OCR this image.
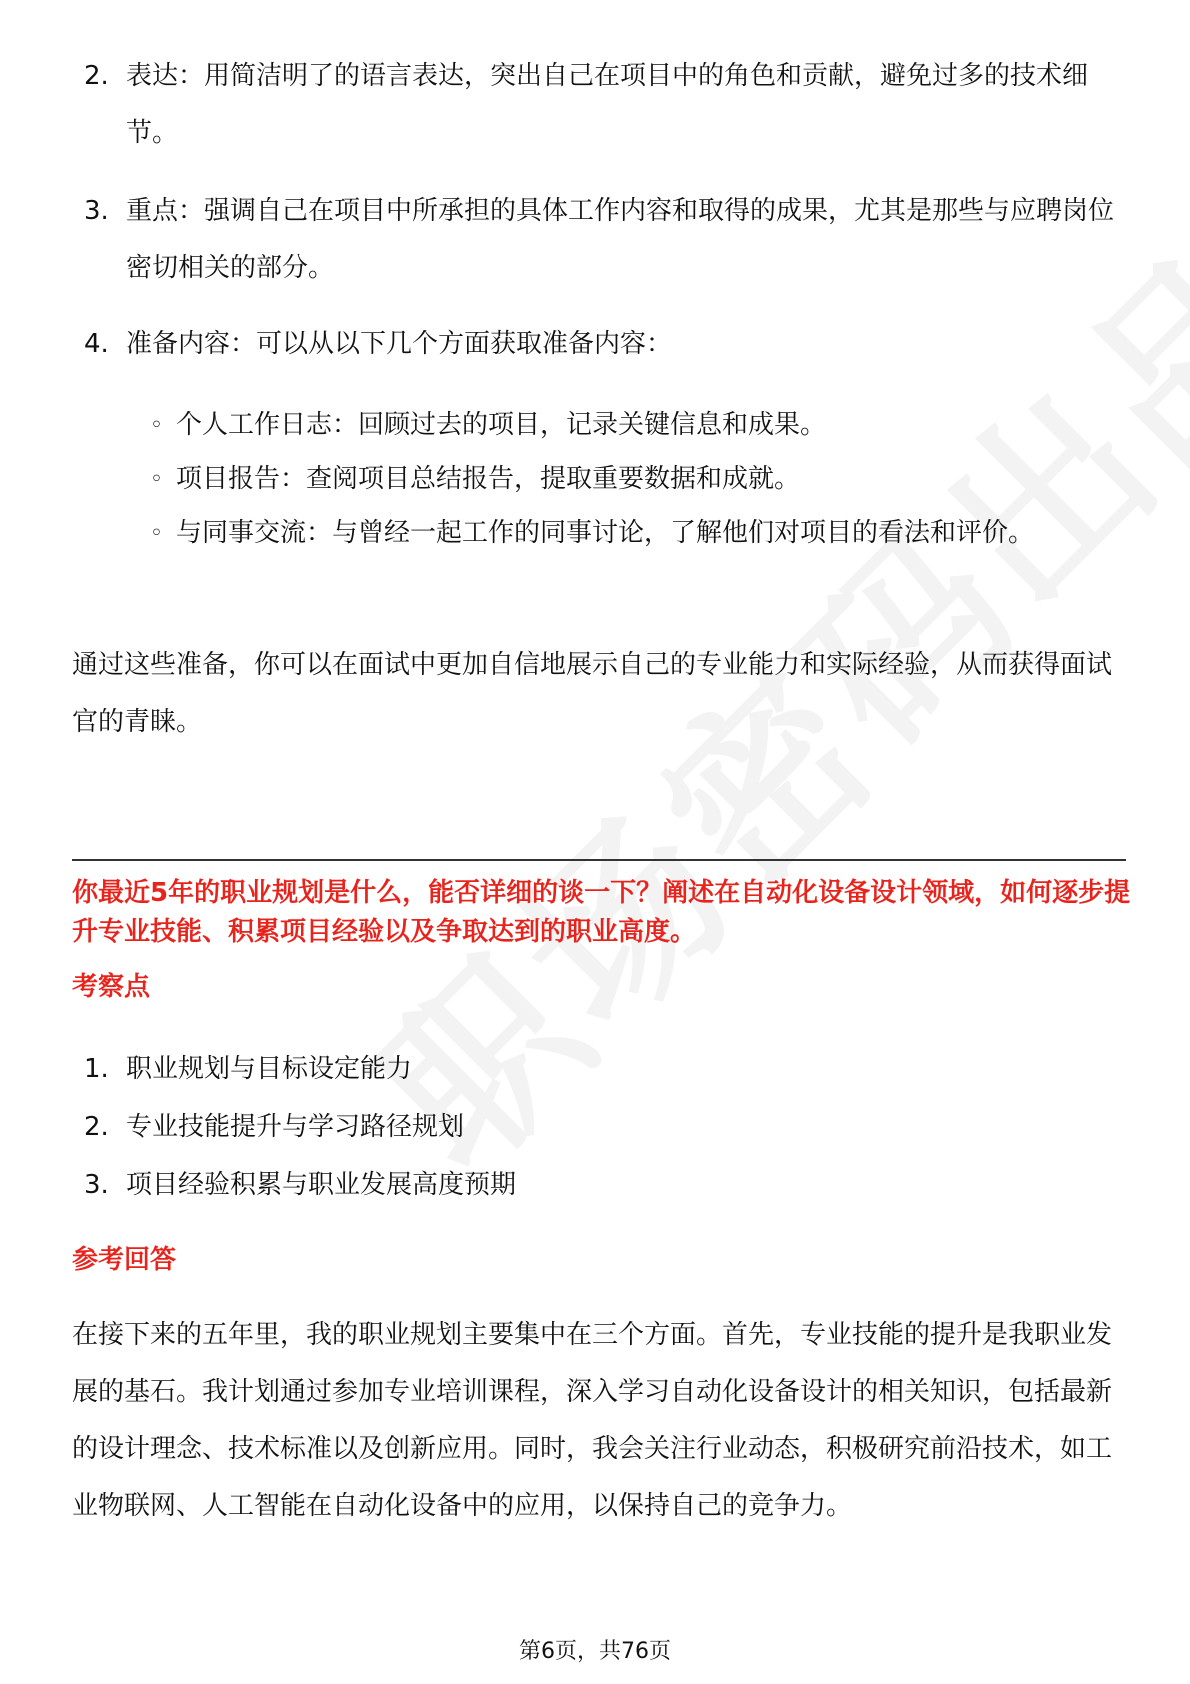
2. 表达：用简洁明了的语言表达，突出自己在项目中的角色和贡献，避免过多的技术细节。
3. 重点：强调自己在项目中所承担的具体工作内容和取得的成果，尤其是那些与应聘岗位密切相关的部分。
4. 准备内容：可以从以下几个方面获取准备内容：
◦ 个人工作日志：回顾过去的项目，记录关键信息和成果。
◦ 项目报告：查阅项目总结报告，提取重要数据和成就。
◦ 与同事交流：与曾经一起工作的同事讨论，了解他们对项目的看法和评价。
通过这些准备，你可以在面试中更加自信地展示自己的专业能力和实际经验，从而获得面试官的青睐。
你最近5年的职业规划是什么，能否详细的谈一下？阐述在自动化设备设计领域，如何逐步提升专业技能、积累项目经验以及争取达到的职业高度。
考察点
1. 职业规划与目标设定能力
2. 专业技能提升与学习路径规划
3. 项目经验积累与职业发展高度预期
参考回答
在接下来的五年里，我的职业规划主要集中在三个方面。首先，专业技能的提升是我职业发展的基石。我计划通过参加专业培训课程，深入学习自动化设备设计的相关知识，包括最新的设计理念、技术标准以及创新应用。同时，我会关注行业动态，积极研究前沿技术，如工业物联网、人工智能在自动化设备中的应用，以保持自己的竞争力。
第6页，共76页
